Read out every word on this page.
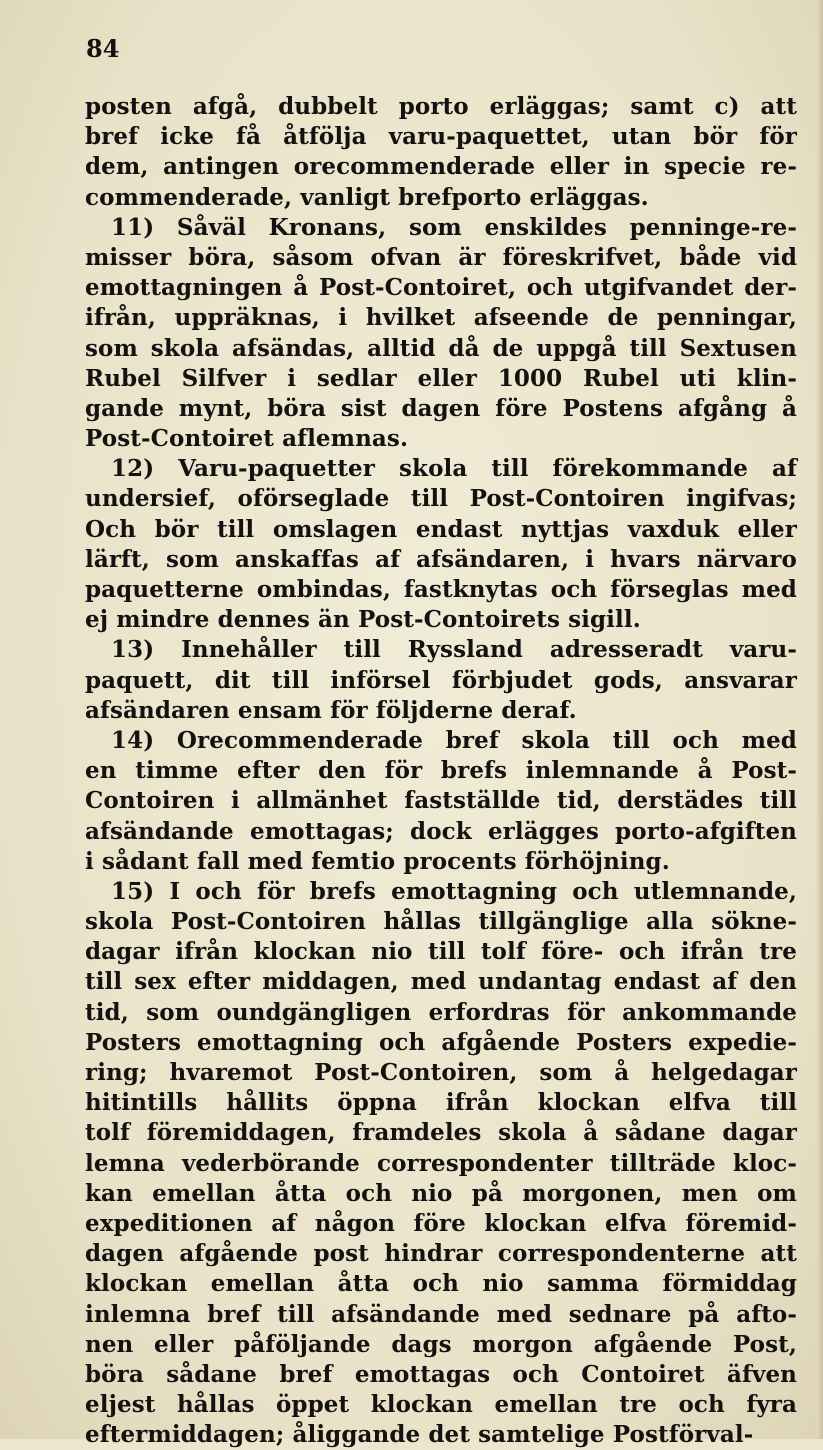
84
posten afgå, dubbelt porto erläggas; samt c) att
bref icke få åtfölja varu-paquettet, utan bör för
dem, antingen orecommenderade eller in specie re-
commenderade, vanligt brefporto erläggas.
11) Såväl Kronans, som enskildes penninge-re-
misser böra, såsom ofvan är föreskrifvet, både vid
emottagningen å Post-Contoiret, och utgifvandet der-
ifrån, uppräknas, i hvilket afseende de penningar,
som skola afsändas, alltid då de uppgå till Sextusen
Rubel Silfver i sedlar eller 1000 Rubel uti klin-
gande mynt, böra sist dagen före Postens afgång å
Post-Contoiret aflemnas.
12) Varu-paquetter skola till förekommande af
undersief, oförseglade till Post-Contoiren ingifvas;
Och bör till omslagen endast nyttjas vaxduk eller
lärft, som anskaffas af afsändaren, i hvars närvaro
paquetterne ombindas, fastknytas och förseglas med
ej mindre dennes än Post-Contoirets sigill.
13) Innehåller till Ryssland adresseradt varu-
paquett, dit till införsel förbjudet gods, ansvarar
afsändaren ensam för följderne deraf.
14) Orecommenderade bref skola till och med
en timme efter den för brefs inlemnande å Post-
Contoiren i allmänhet fastställde tid, derstädes till
afsändande emottagas; dock erlägges porto-afgiften
i sådant fall med femtio procents förhöjning.
15) I och för brefs emottagning och utlemnande,
skola Post-Contoiren hållas tillgänglige alla sökne-
dagar ifrån klockan nio till tolf före- och ifrån tre
till sex efter middagen, med undantag endast af den
tid, som oundgängligen erfordras för ankommande
Posters emottagning och afgående Posters expedie-
ring; hvaremot Post-Contoiren, som å helgedagar
hitintills hållits öppna ifrån klockan elfva till
tolf föremiddagen, framdeles skola å sådane dagar
lemna vederbörande correspondenter tillträde kloc-
kan emellan åtta och nio på morgonen, men om
expeditionen af någon före klockan elfva föremid-
dagen afgående post hindrar correspondenterne att
klockan emellan åtta och nio samma förmiddag
inlemna bref till afsändande med sednare på afto-
nen eller påföljande dags morgon afgående Post,
böra sådane bref emottagas och Contoiret äfven
eljest hållas öppet klockan emellan tre och fyra
eftermiddagen; åliggande det samtelige Postförval-
